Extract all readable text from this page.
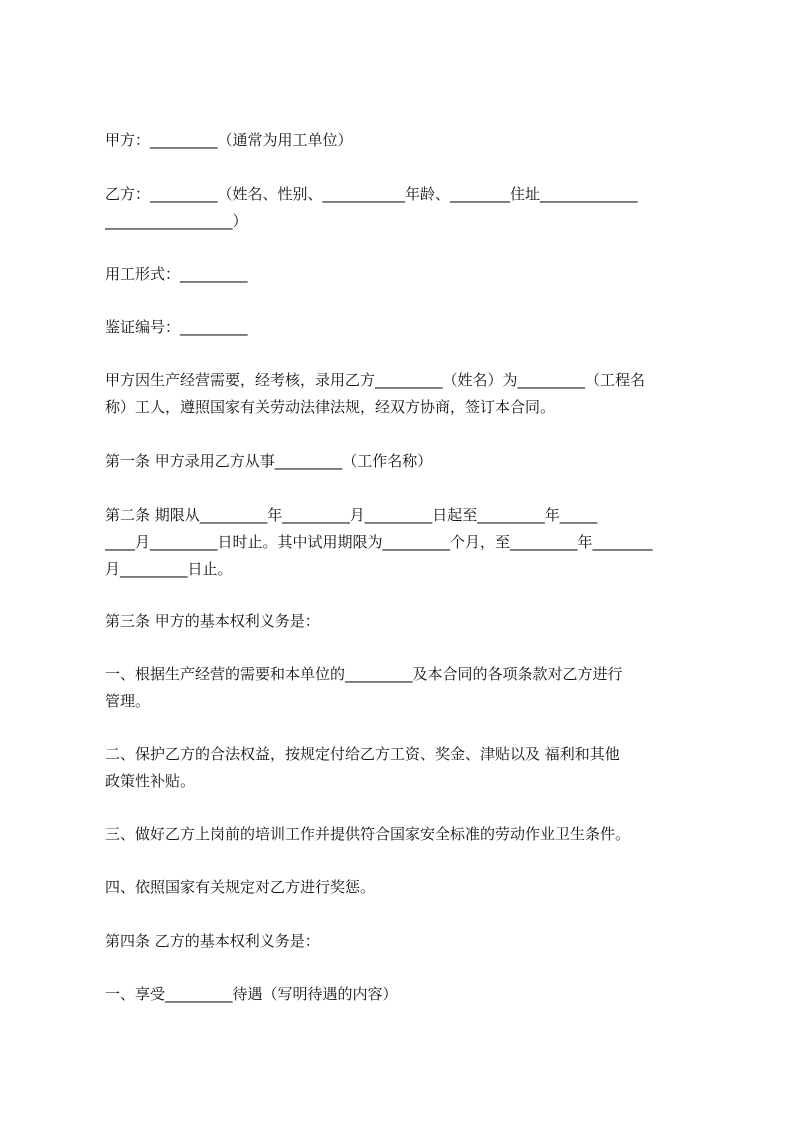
甲方：_________（通常为用工单位）
乙方：_________（姓名、性别、___________年龄、________住址_____________
_________________）
用工形式：_________
鉴证编号：_________
甲方因生产经营需要，经考核，录用乙方_________（姓名）为_________（工程名
称）工人，遵照国家有关劳动法律法规，经双方协商，签订本合同。
第一条 甲方录用乙方从事_________（工作名称）
第二条 期限从_________年_________月_________日起至_________年_____
____月_________日时止。其中试用期限为_________个月，至_________年________
月_________日止。
第三条 甲方的基本权利义务是：
一、根据生产经营的需要和本单位的_________及本合同的各项条款对乙方进行
管理。
二、保护乙方的合法权益，按规定付给乙方工资、奖金、津贴以及 福利和其他
政策性补贴。
三、做好乙方上岗前的培训工作并提供符合国家安全标准的劳动作业卫生条件。
四、依照国家有关规定对乙方进行奖惩。
第四条 乙方的基本权利义务是：
一、享受_________待遇（写明待遇的内容）
